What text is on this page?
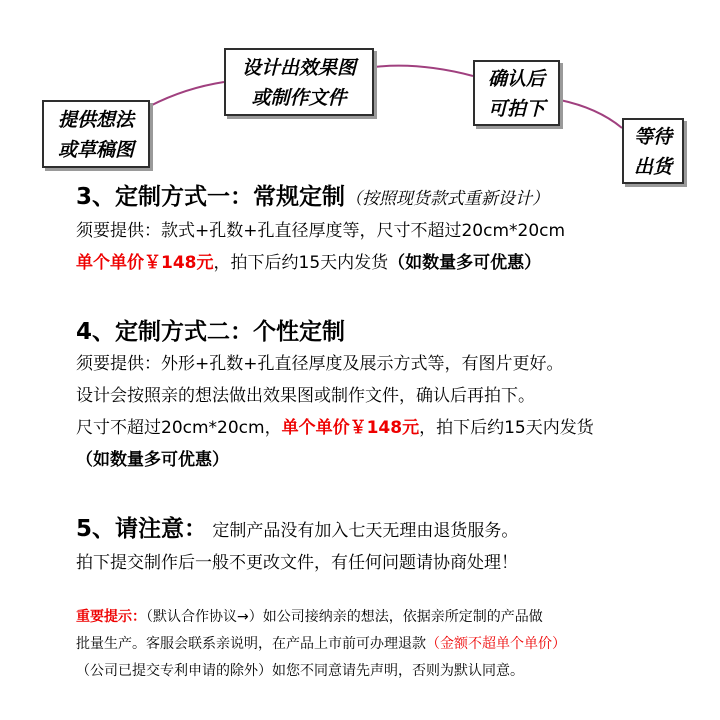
提供想法
或草稿图
设计出效果图
或制作文件
确认后
可拍下
等待
出货
3、定制方式一：常规定制（按照现货款式重新设计）
须要提供：款式+孔数+孔直径厚度等，尺寸不超过20cm*20cm
单个单价￥148元，拍下后约15天内发货（如数量多可优惠）
4、定制方式二：个性定制
须要提供：外形+孔数+孔直径厚度及展示方式等，有图片更好。
设计会按照亲的想法做出效果图或制作文件，确认后再拍下。
尺寸不超过20cm*20cm，单个单价￥148元，拍下后约15天内发货
（如数量多可优惠）
5、请注意： 定制产品没有加入七天无理由退货服务。
拍下提交制作后一般不更改文件，有任何问题请协商处理！
重要提示：（默认合作协议→）如公司接纳亲的想法，依据亲所定制的产品做
批量生产。客服会联系亲说明，在产品上市前可办理退款（金额不超单个单价）
（公司已提交专利申请的除外）如您不同意请先声明，否则为默认同意。
